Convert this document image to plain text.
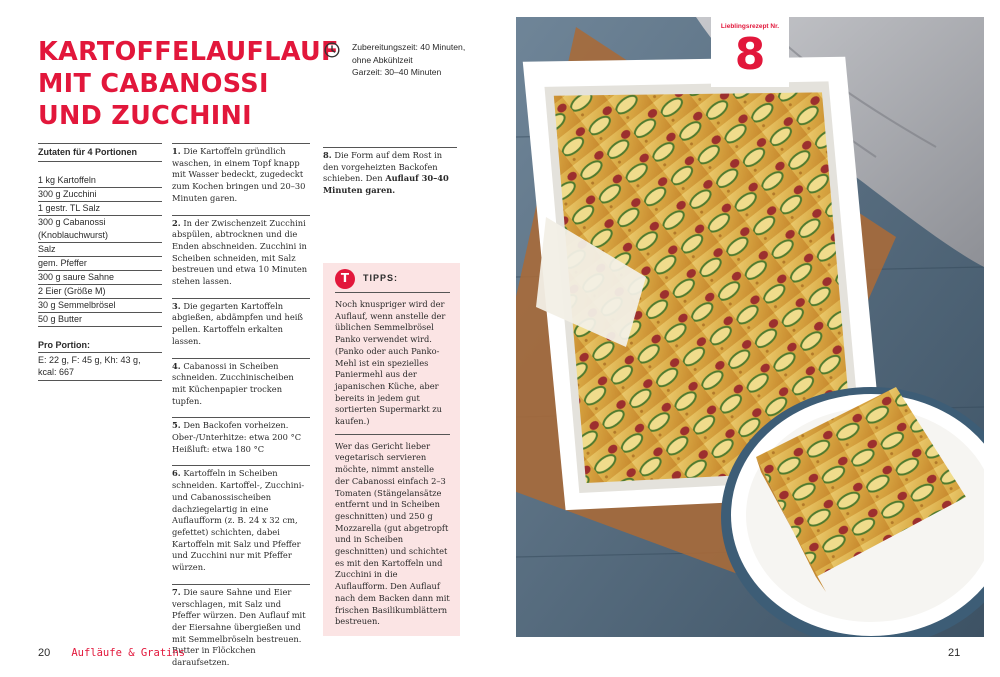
KARTOFFELAUFLAUF MIT CABANOSSI UND ZUCCHINI
Zubereitungszeit: 40 Minuten,
ohne Abkühlzeit
Garzeit: 30–40 Minuten
Zutaten für 4 Portionen
1 kg Kartoffeln
300 g Zucchini
1 gestr. TL Salz
300 g Cabanossi
(Knoblauchwurst)
Salz
gem. Pfeffer
300 g saure Sahne
2 Eier (Größe M)
30 g Semmelbrösel
50 g Butter
Pro Portion:
E: 22 g, F: 45 g, Kh: 43 g,
kcal: 667
1. Die Kartoffeln gründlich waschen, in einem Topf knapp mit Wasser bedeckt, zugedeckt zum Kochen bringen und 20–30 Minuten garen.
2. In der Zwischenzeit Zucchini abspülen, abtrocknen und die Enden abschneiden. Zucchini in Scheiben schneiden, mit Salz bestreuen und etwa 10 Minuten stehen lassen.
3. Die gegarten Kartoffeln abgießen, abdämpfen und heiß pellen. Kartoffeln erkalten lassen.
4. Cabanossi in Scheiben schneiden. Zucchinischeiben mit Küchenpapier trocken tupfen.
5. Den Backofen vorheizen. Ober-/Unterhitze: etwa 200 °C Heißluft: etwa 180 °C
6. Kartoffeln in Scheiben schneiden. Kartoffel-, Zucchini- und Cabanossischeiben dachziegelartig in eine Auflaufform (z. B. 24 x 32 cm, gefettet) schichten, dabei Kartoffeln mit Salz und Pfeffer und Zucchini nur mit Pfeffer würzen.
7. Die saure Sahne und Eier verschlagen, mit Salz und Pfeffer würzen. Den Auflauf mit der Eiersahne übergießen und mit Semmelbröseln bestreuen. Butter in Flöckchen daraufsetzen.
8. Die Form auf dem Rost in den vorgeheizten Backofen schieben. Den Auflauf 30–40 Minuten garen.
T	TIPPS:
Noch knuspriger wird der Auflauf, wenn anstelle der üblichen Semmelbrösel Panko verwendet wird. (Panko oder auch Panko-Mehl ist ein spezielles Paniermehl aus der japanischen Küche, aber bereits in jedem gut sortierten Supermarkt zu kaufen.)
Wer das Gericht lieber vegetarisch servieren möchte, nimmt anstelle der Cabanossi einfach 2–3 Tomaten (Stängelansätze entfernt und in Scheiben geschnitten) und 250 g Mozzarella (gut abgetropft und in Scheiben geschnitten) und schichtet es mit den Kartoffeln und Zucchini in die Auflaufform. Den Auflauf nach dem Backen dann mit frischen Basilikumblättern bestreuen.
Lieblingsrezept Nr.
8
20 Aufläufe & Gratins	21
